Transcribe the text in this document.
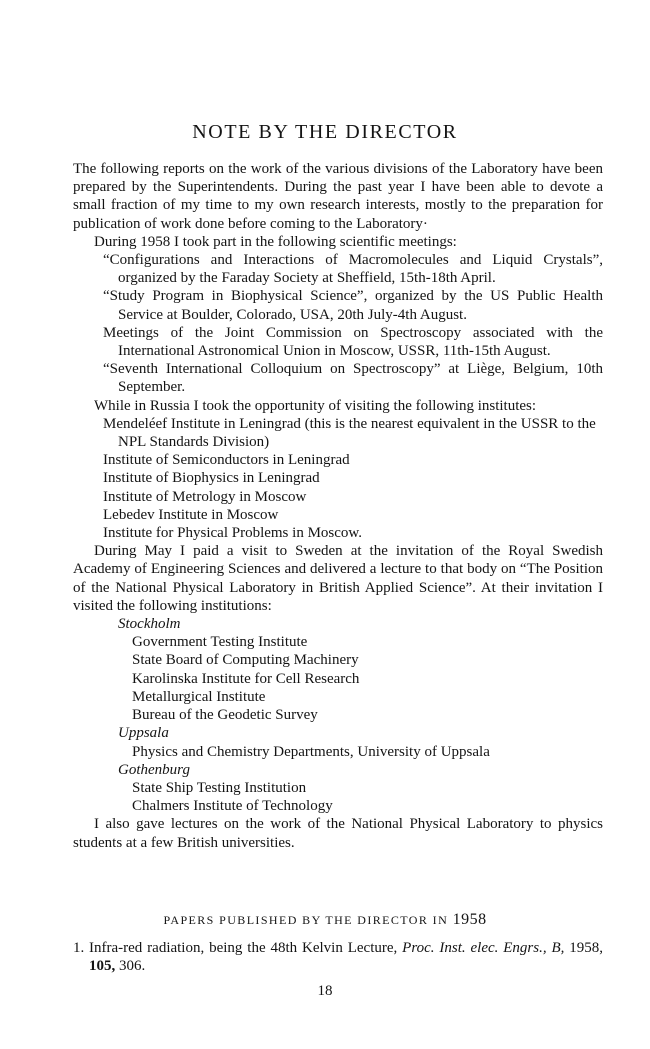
NOTE BY THE DIRECTOR

The following reports on the work of the various divisions of the Laboratory have been prepared by the Superintendents. During the past year I have been able to devote a small fraction of my time to my own research interests, mostly to the preparation for publication of work done before coming to the Laboratory·

During 1958 I took part in the following scientific meetings:

“Configurations and Interactions of Macromolecules and Liquid Crystals”, organized by the Faraday Society at Sheffield, 15th-18th April.

“Study Program in Biophysical Science”, organized by the US Public Health Service at Boulder, Colorado, USA, 20th July-4th August.

Meetings of the Joint Commission on Spectroscopy associated with the International Astronomical Union in Moscow, USSR, 11th-15th August.

“Seventh International Colloquium on Spectroscopy” at Liège, Belgium, 10th September.

While in Russia I took the opportunity of visiting the following institutes:

Mendeléef Institute in Leningrad (this is the nearest equivalent in the USSR to the NPL Standards Division)

Institute of Semiconductors in Leningrad

Institute of Biophysics in Leningrad

Institute of Metrology in Moscow

Lebedev Institute in Moscow

Institute for Physical Problems in Moscow.

During May I paid a visit to Sweden at the invitation of the Royal Swedish Academy of Engineering Sciences and delivered a lecture to that body on “The Position of the National Physical Laboratory in British Applied Science”. At their invitation I visited the following institutions:

Stockholm

Government Testing Institute

State Board of Computing Machinery

Karolinska Institute for Cell Research

Metallurgical Institute

Bureau of the Geodetic Survey

Uppsala

Physics and Chemistry Departments, University of Uppsala

Gothenburg

State Ship Testing Institution

Chalmers Institute of Technology

I also gave lectures on the work of the National Physical Laboratory to physics students at a few British universities.

PAPERS PUBLISHED BY THE DIRECTOR IN 1958

1. Infra-red radiation, being the 48th Kelvin Lecture, Proc. Inst. elec. Engrs., B, 1958, 105, 306.

18
